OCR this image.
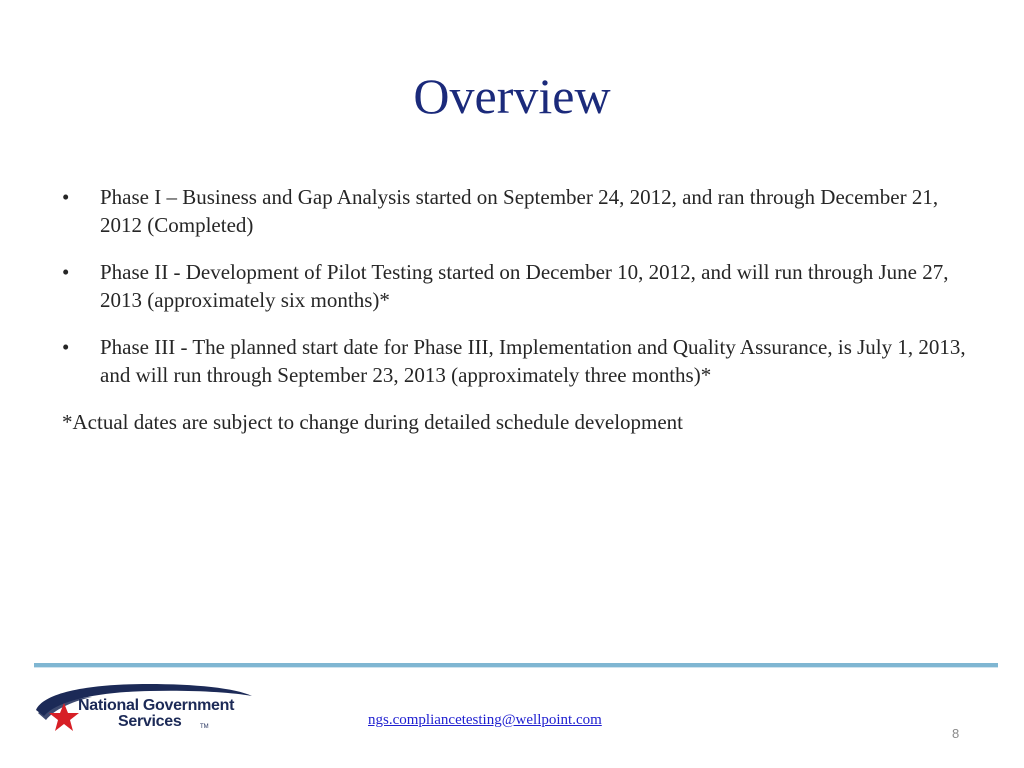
Overview
•	Phase I – Business and Gap Analysis started on September 24, 2012, and ran through December 21, 2012 (Completed)
•	Phase II - Development of Pilot Testing started on December 10, 2012, and will run through June 27, 2013 (approximately six months)*
•	Phase III - The planned start date for Phase III, Implementation and Quality Assurance, is July 1, 2013, and will run through September 23, 2013 (approximately three months)*
*Actual dates are subject to change during detailed schedule development
National Government
Services	TM	ngs.compliancetesting@wellpoint.com
8
